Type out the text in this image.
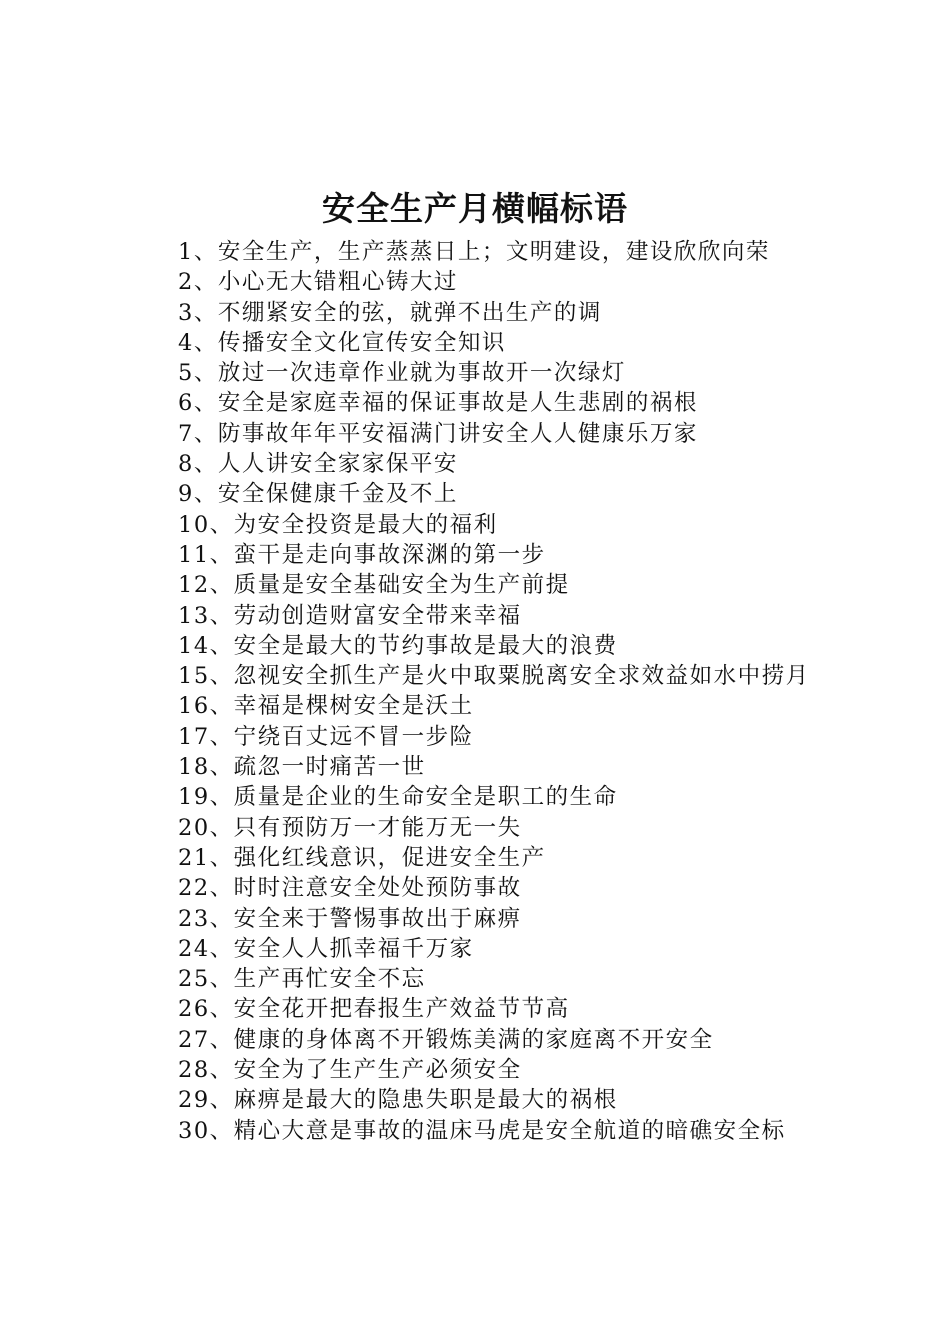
安全生产月横幅标语
1、安全生产，生产蒸蒸日上；文明建设，建设欣欣向荣
2、小心无大错粗心铸大过
3、不绷紧安全的弦，就弹不出生产的调
4、传播安全文化宣传安全知识
5、放过一次违章作业就为事故开一次绿灯
6、安全是家庭幸福的保证事故是人生悲剧的祸根
7、防事故年年平安福满门讲安全人人健康乐万家
8、人人讲安全家家保平安
9、安全保健康千金及不上
10、为安全投资是最大的福利
11、蛮干是走向事故深渊的第一步
12、质量是安全基础安全为生产前提
13、劳动创造财富安全带来幸福
14、安全是最大的节约事故是最大的浪费
15、忽视安全抓生产是火中取粟脱离安全求效益如水中捞月
16、幸福是棵树安全是沃土
17、宁绕百丈远不冒一步险
18、疏忽一时痛苦一世
19、质量是企业的生命安全是职工的生命
20、只有预防万一才能万无一失
21、强化红线意识，促进安全生产
22、时时注意安全处处预防事故
23、安全来于警惕事故出于麻痹
24、安全人人抓幸福千万家
25、生产再忙安全不忘
26、安全花开把春报生产效益节节高
27、健康的身体离不开锻炼美满的家庭离不开安全
28、安全为了生产生产必须安全
29、麻痹是最大的隐患失职是最大的祸根
30、精心大意是事故的温床马虎是安全航道的暗礁安全标
